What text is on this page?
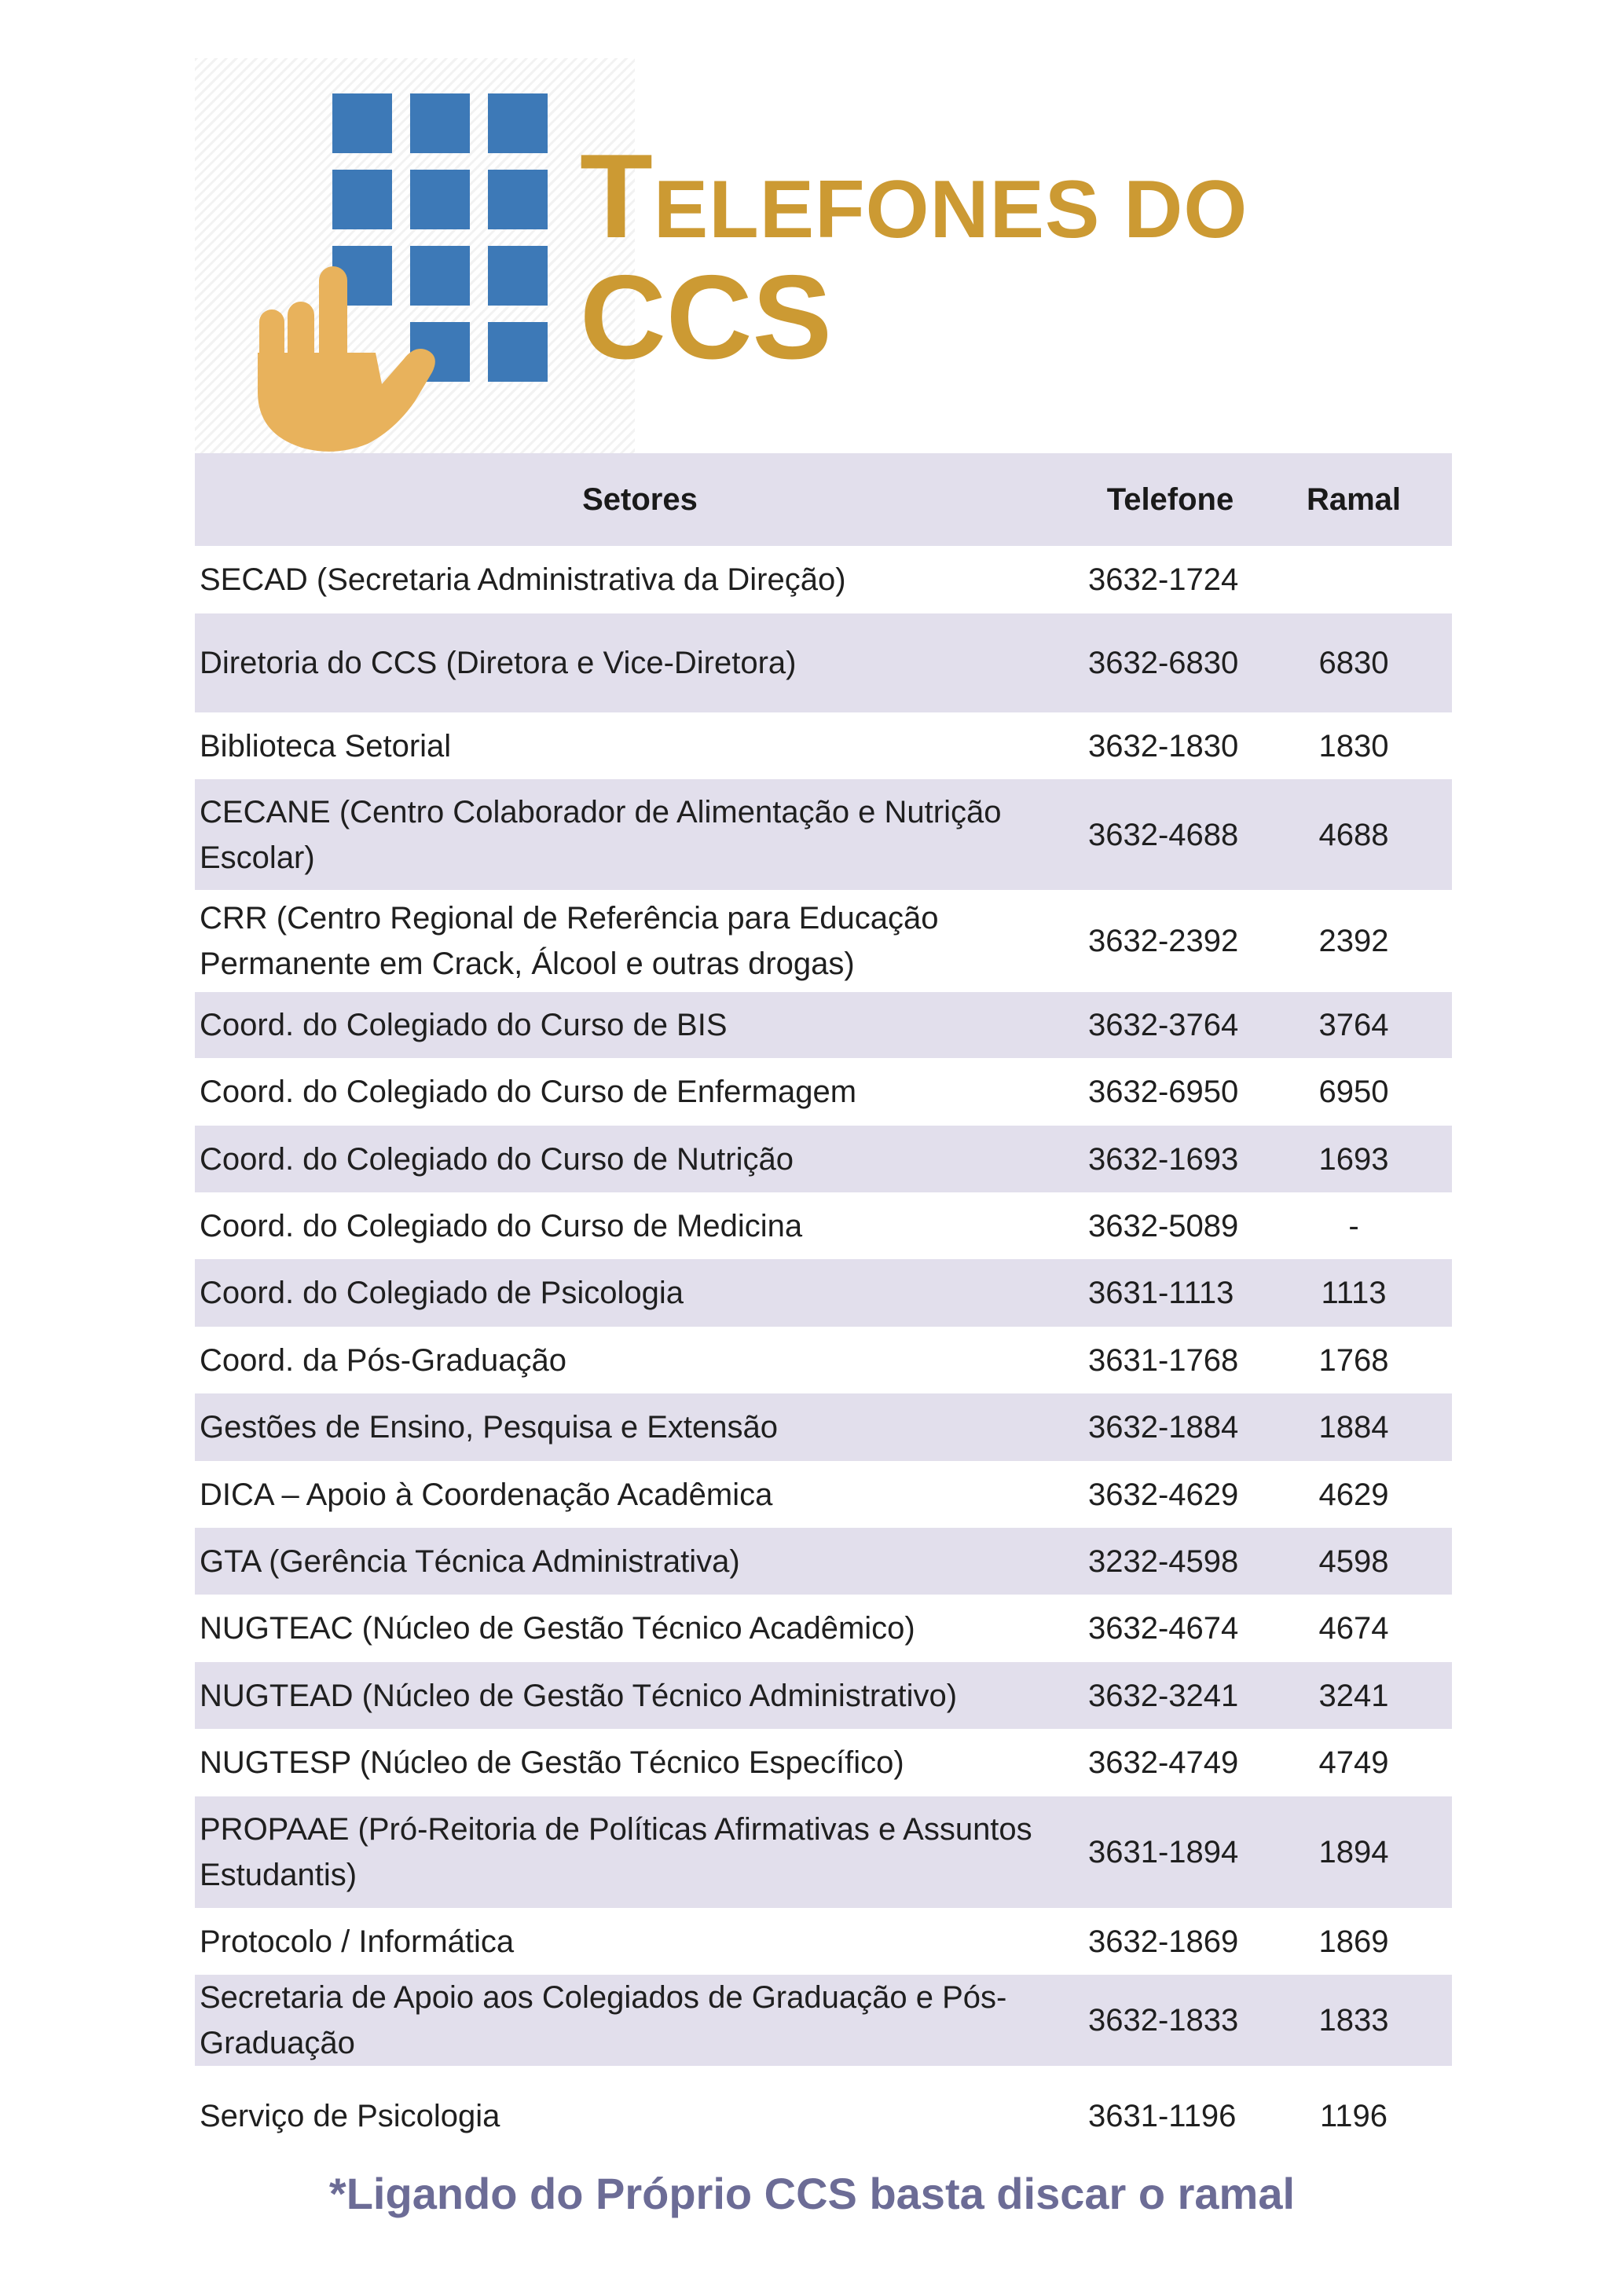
TELEFONES DO
CCS
Setores	Telefone	Ramal
SECAD (Secretaria Administrativa da Direção)	3632-1724	
Diretoria do CCS (Diretora e Vice-Diretora)	3632-6830	6830
Biblioteca Setorial	3632-1830	1830
CECANE (Centro Colaborador de Alimentação e Nutrição Escolar)	3632-4688	4688
CRR (Centro Regional de Referência para Educação Permanente em Crack, Álcool e outras drogas)	3632-2392	2392
Coord. do Colegiado do Curso de BIS	3632-3764	3764
Coord. do Colegiado do Curso de Enfermagem	3632-6950	6950
Coord. do Colegiado do Curso de Nutrição	3632-1693	1693
Coord. do Colegiado do Curso de Medicina	3632-5089	-
Coord. do Colegiado de Psicologia	3631-1113	1113
Coord. da Pós-Graduação	3631-1768	1768
Gestões de Ensino, Pesquisa e Extensão	3632-1884	1884
DICA – Apoio à Coordenação Acadêmica	3632-4629	4629
GTA (Gerência Técnica Administrativa)	3232-4598	4598
NUGTEAC (Núcleo de Gestão Técnico Acadêmico)	3632-4674	4674
NUGTEAD (Núcleo de Gestão Técnico Administrativo)	3632-3241	3241
NUGTESP (Núcleo de Gestão Técnico Específico)	3632-4749	4749
PROPAAE (Pró-Reitoria de Políticas Afirmativas e Assuntos Estudantis)	3631-1894	1894
Protocolo / Informática	3632-1869	1869
Secretaria de Apoio aos Colegiados de Graduação e Pós-Graduação	3632-1833	1833
Serviço de Psicologia	3631-1196	1196
*Ligando do Próprio CCS basta discar o ramal
